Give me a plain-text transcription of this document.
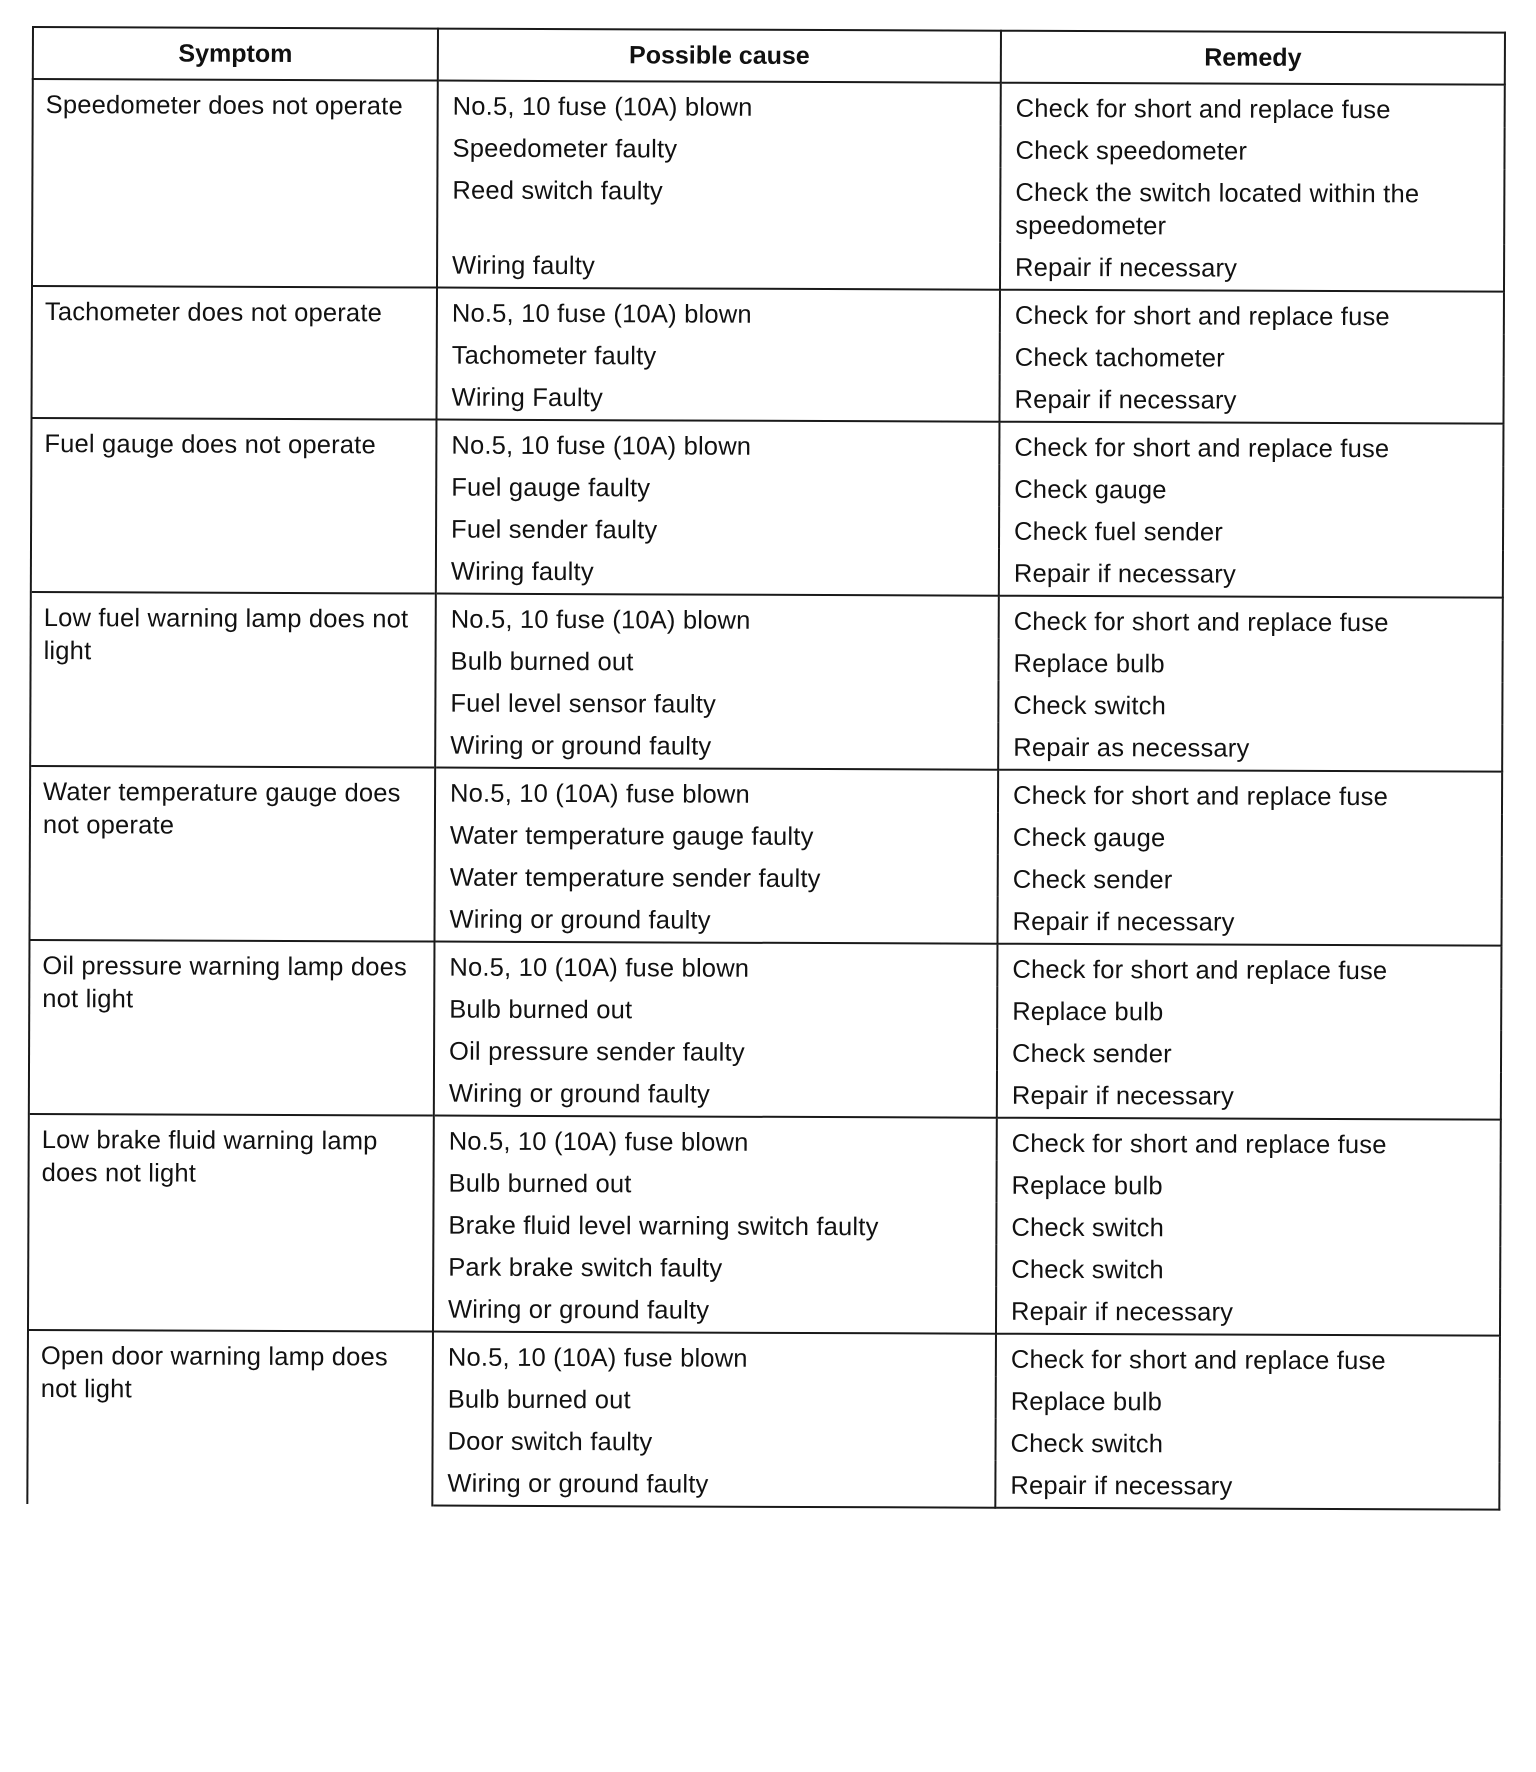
Symptom	Possible cause	Remedy
Speedometer does not operate	No.5, 10 fuse (10A) blown	Check for short and replace fuse
	Speedometer faulty	Check speedometer
	Reed switch faulty	Check the switch located within the speedometer
	Wiring faulty	Repair if necessary
Tachometer does not operate	No.5, 10 fuse (10A) blown	Check for short and replace fuse
	Tachometer faulty	Check tachometer
	Wiring Faulty	Repair if necessary
Fuel gauge does not operate	No.5, 10 fuse (10A) blown	Check for short and replace fuse
	Fuel gauge faulty	Check gauge
	Fuel sender faulty	Check fuel sender
	Wiring faulty	Repair if necessary
Low fuel warning lamp does not light	No.5, 10 fuse (10A) blown	Check for short and replace fuse
	Bulb burned out	Replace bulb
	Fuel level sensor faulty	Check switch
	Wiring or ground faulty	Repair as necessary
Water temperature gauge does not operate	No.5, 10 (10A) fuse blown	Check for short and replace fuse
	Water temperature gauge faulty	Check gauge
	Water temperature sender faulty	Check sender
	Wiring or ground faulty	Repair if necessary
Oil pressure warning lamp does not light	No.5, 10 (10A) fuse blown	Check for short and replace fuse
	Bulb burned out	Replace bulb
	Oil pressure sender faulty	Check sender
	Wiring or ground faulty	Repair if necessary
Low brake fluid warning lamp does not light	No.5, 10 (10A) fuse blown	Check for short and replace fuse
	Bulb burned out	Replace bulb
	Brake fluid level warning switch faulty	Check switch
	Park brake switch faulty	Check switch
	Wiring or ground faulty	Repair if necessary
Open door warning lamp does not light	No.5, 10 (10A) fuse blown	Check for short and replace fuse
	Bulb burned out	Replace bulb
	Door switch faulty	Check switch
	Wiring or ground faulty	Repair if necessary
